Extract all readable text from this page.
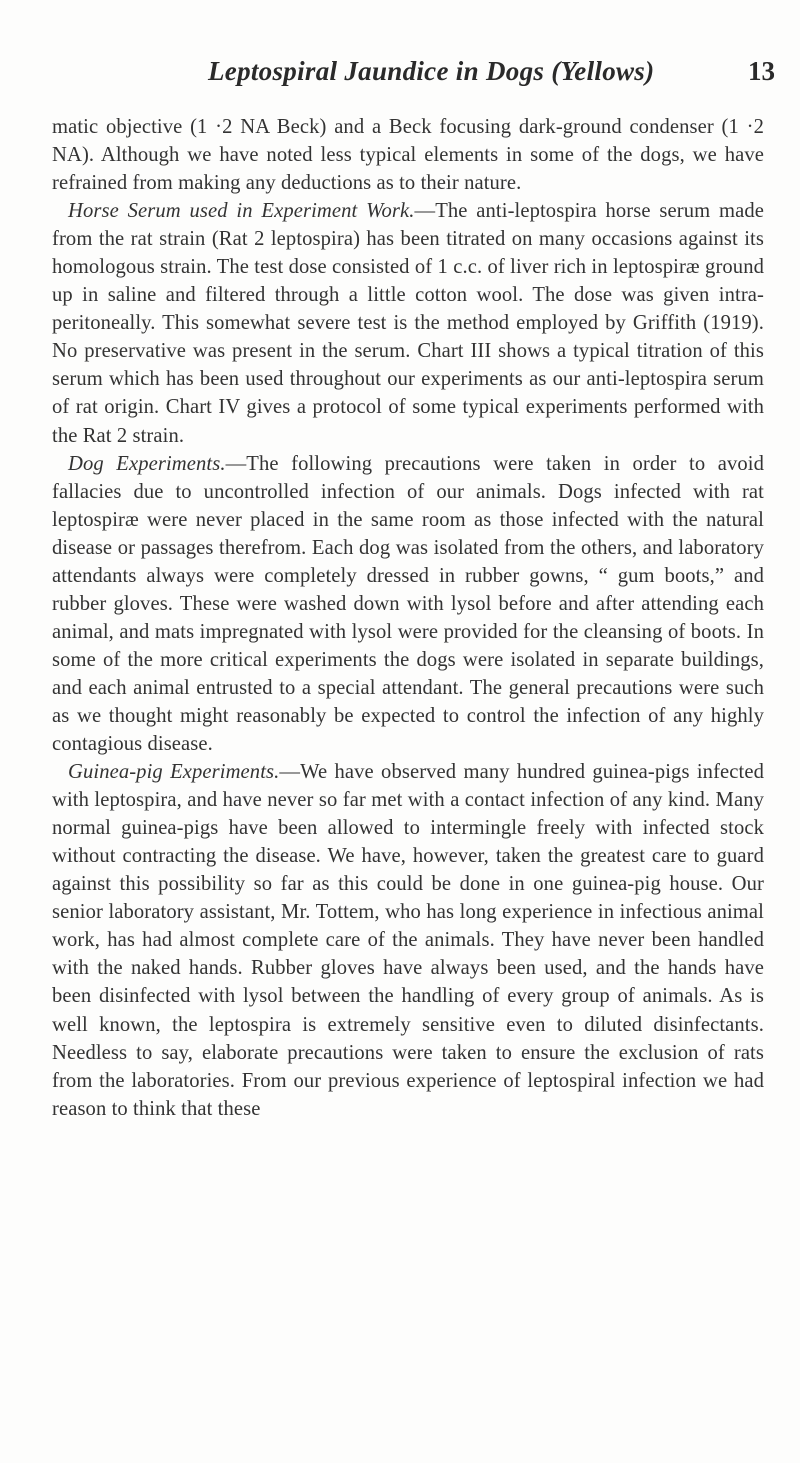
Leptospiral Jaundice in Dogs (Yellows)	13

matic objective (1 ·2 NA Beck) and a Beck focusing dark-ground condenser (1 ·2 NA). Although we have noted less typical elements in some of the dogs, we have refrained from making any deductions as to their nature.

Horse Serum used in Experiment Work.—The anti-leptospira horse serum made from the rat strain (Rat 2 leptospira) has been titrated on many occasions against its homologous strain. The test dose consisted of 1 c.c. of liver rich in leptospiræ ground up in saline and filtered through a little cotton wool. The dose was given intra-peritoneally. This somewhat severe test is the method employed by Griffith (1919). No preservative was present in the serum. Chart III shows a typical titration of this serum which has been used throughout our experiments as our anti-leptospira serum of rat origin. Chart IV gives a protocol of some typical experiments performed with the Rat 2 strain.

Dog Experiments.—The following precautions were taken in order to avoid fallacies due to uncontrolled infection of our animals. Dogs infected with rat leptospiræ were never placed in the same room as those infected with the natural disease or passages therefrom. Each dog was isolated from the others, and laboratory attendants always were completely dressed in rubber gowns, “ gum boots,” and rubber gloves. These were washed down with lysol before and after attending each animal, and mats impregnated with lysol were provided for the cleansing of boots. In some of the more critical experiments the dogs were isolated in separate buildings, and each animal entrusted to a special attendant. The general precautions were such as we thought might reasonably be expected to control the infection of any highly contagious disease.

Guinea-pig Experiments.—We have observed many hundred guinea-pigs infected with leptospira, and have never so far met with a contact infection of any kind. Many normal guinea-pigs have been allowed to intermingle freely with infected stock without contracting the disease. We have, however, taken the greatest care to guard against this possibility so far as this could be done in one guinea-pig house. Our senior laboratory assistant, Mr. Tottem, who has long experience in infectious animal work, has had almost complete care of the animals. They have never been handled with the naked hands. Rubber gloves have always been used, and the hands have been disinfected with lysol between the handling of every group of animals. As is well known, the leptospira is extremely sensitive even to diluted disinfectants. Needless to say, elaborate precautions were taken to ensure the exclusion of rats from the laboratories. From our previous experience of leptospiral infection we had reason to think that these
